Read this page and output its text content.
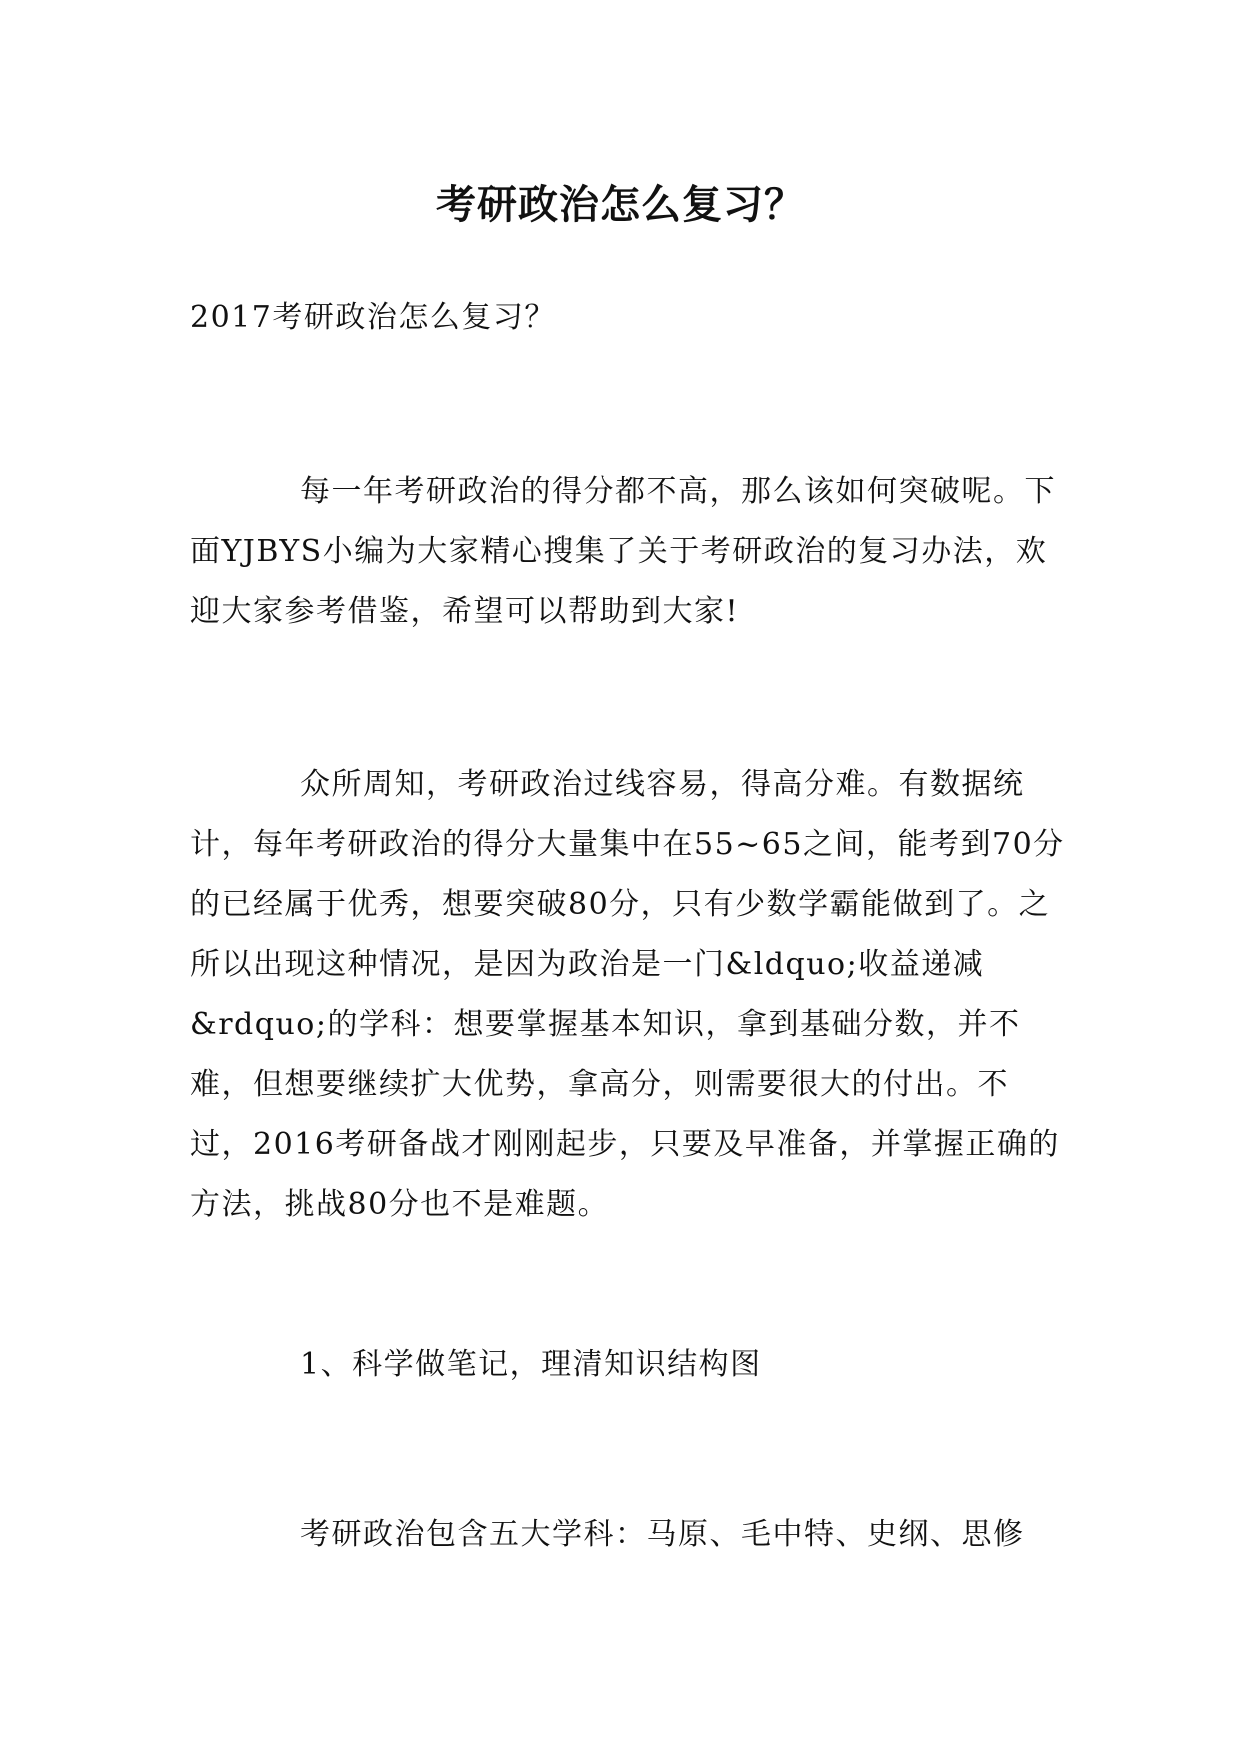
考研政治怎么复习？

2017考研政治怎么复习？

每一年考研政治的得分都不高，那么该如何突破呢。下面YJBYS小编为大家精心搜集了关于考研政治的复习办法，欢迎大家参考借鉴，希望可以帮助到大家!

众所周知，考研政治过线容易，得高分难。有数据统计，每年考研政治的得分大量集中在55~65之间，能考到70分的已经属于优秀，想要突破80分，只有少数学霸能做到了。之所以出现这种情况，是因为政治是一门&ldquo;收益递减&rdquo;的学科：想要掌握基本知识，拿到基础分数，并不难，但想要继续扩大优势，拿高分，则需要很大的付出。不过，2016考研备战才刚刚起步，只要及早准备，并掌握正确的方法，挑战80分也不是难题。

1、科学做笔记，理清知识结构图

考研政治包含五大学科：马原、毛中特、史纲、思修
